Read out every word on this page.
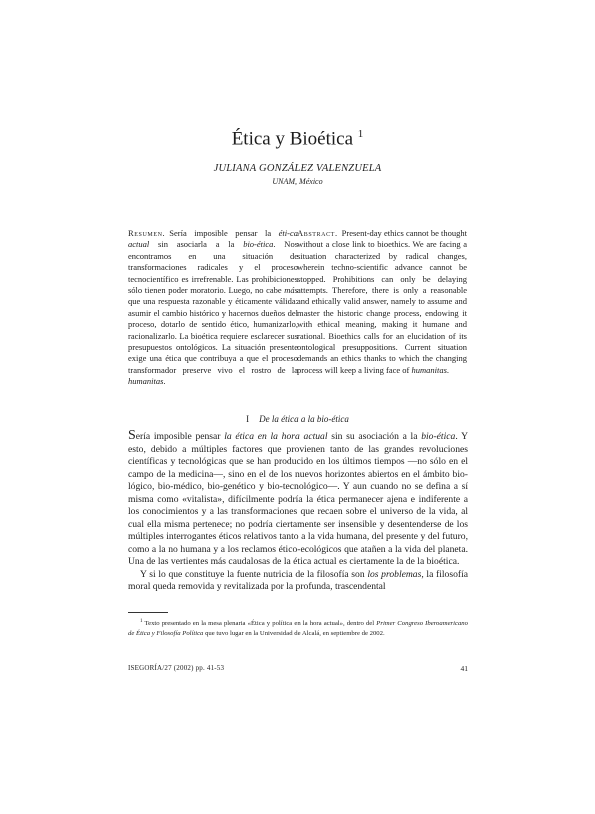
Ética y Bioética $^1$
JULIANA GONZÁLEZ VALENZUELA
UNAM, México
Resumen. Sería imposible pensar la éti-ca actual sin asociarla a la bio-ética. Nos encontramos en una situación de transformaciones radicales y el proceso tecnocientífico es irrefrenable. Las prohibiciones sólo tienen poder moratorio. Luego, no cabe más que una respuesta razonable y éticamente válida: asumir el cambio histórico y hacernos dueños del proceso, dotarlo de sentido ético, humanizarlo, racionalizarlo. La bioética requiere esclarecer sus presupuestos ontológicos. La situación presente exige una ética que contribuya a que el proceso transformador preserve vivo el rostro de la humanitas.
Abstract. Present-day ethics cannot be thought without a close link to bioethics. We are facing a situation characterized by radical changes, wherein techno-scientific advance cannot be stopped. Prohibitions can only be delaying attempts. Therefore, there is only a reasonable and ethically valid answer, namely to assume and master the historic change process, endowing it with ethical meaning, making it humane and rational. Bioethics calls for an elucidation of its ontological presuppositions. Current situation demands an ethics thanks to which the changing process will keep a living face of humanitas.
I De la ética a la bio-ética

Sería imposible pensar la ética en la hora actual sin su asociación a la bio-ética. Y esto, debido a múltiples factores que provienen tanto de las grandes revoluciones científicas y tecnológicas que se han producido en los últimos tiempos —no sólo en el campo de la medicina—, sino en el de los nuevos horizontes abiertos en el ámbito bio-lógico, bio-médico, bio-genético y bio-tecnológico—. Y aun cuando no se defina a sí misma como «vitalista», difícilmente podría la ética permanecer ajena e indiferente a los conocimientos y a las transformaciones que recaen sobre el universo de la vida, al cual ella misma pertenece; no podría ciertamente ser insensible y desentenderse de los múltiples interrogantes éticos relativos tanto a la vida humana, del presente y del futuro, como a la no humana y a los reclamos ético-ecológicos que atañen a la vida del planeta. Una de las vertientes más caudalosas de la ética actual es ciertamente la de la bioética.

Y si lo que constituye la fuente nutricia de la filosofía son los problemas, la filosofía moral queda removida y revitalizada por la profunda, trascendental

$^1$ Texto presentado en la mesa plenaria «Ética y política en la hora actual», dentro del Primer Congreso Iberoamericano de Ética y Filosofía Política que tuvo lugar en la Universidad de Alcalá, en septiembre de 2002.
ISEGORÍA/27 (2002) pp. 41-53	41
